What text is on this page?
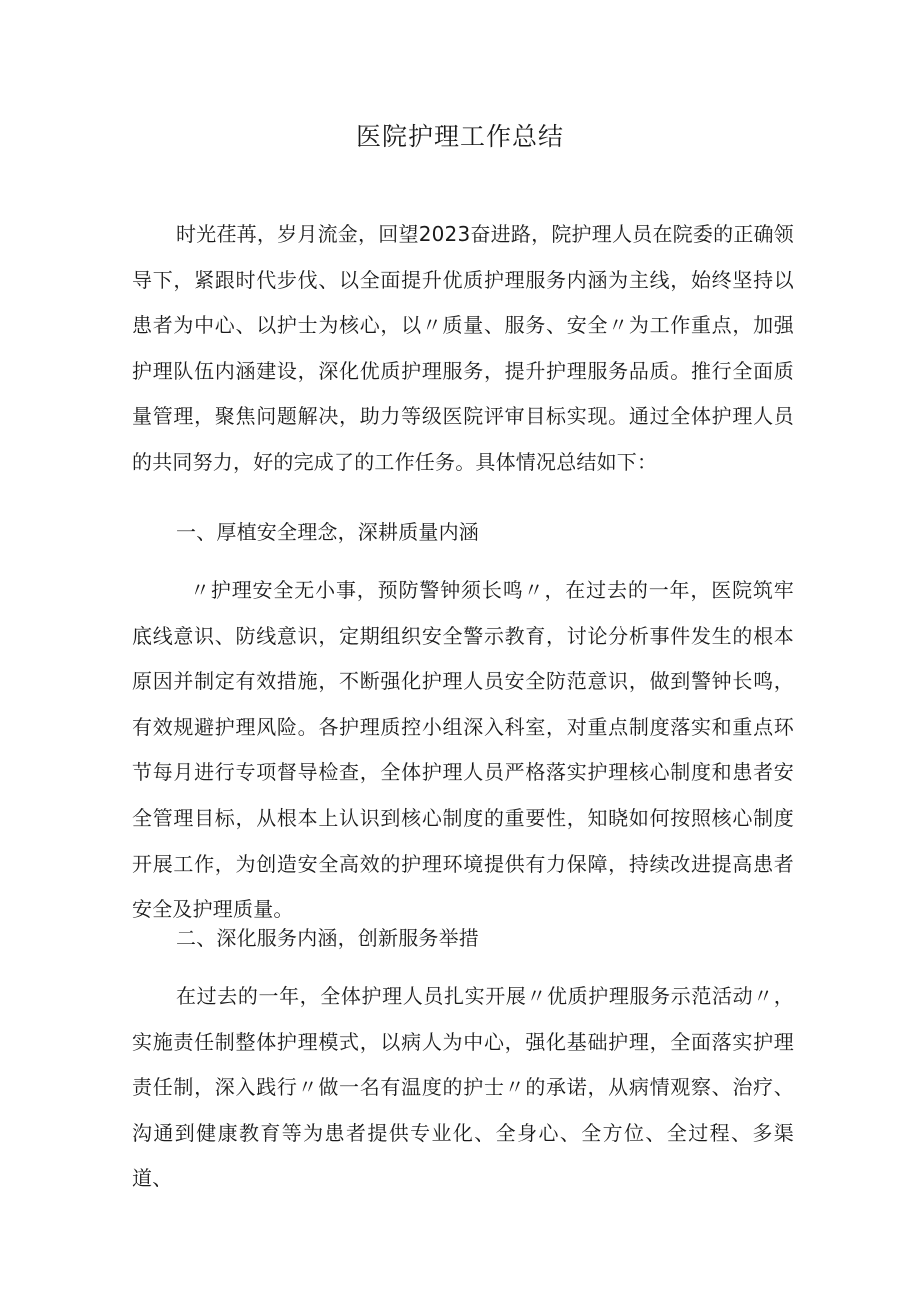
医院护理工作总结

时光荏苒，岁月流金，回望2023奋进路，院护理人员在院委的正确领导下，紧跟时代步伐、以全面提升优质护理服务内涵为主线，始终坚持以患者为中心、以护士为核心，以〃质量、服务、安全〃为工作重点，加强护理队伍内涵建设，深化优质护理服务，提升护理服务品质。推行全面质量管理，聚焦问题解决，助力等级医院评审目标实现。通过全体护理人员的共同努力，好的完成了的工作任务。具体情况总结如下：

一、厚植安全理念，深耕质量内涵

〃护理安全无小事，预防警钟须长鸣〃，在过去的一年，医院筑牢底线意识、防线意识，定期组织安全警示教育，讨论分析事件发生的根本原因并制定有效措施，不断强化护理人员安全防范意识，做到警钟长鸣，有效规避护理风险。各护理质控小组深入科室，对重点制度落实和重点环节每月进行专项督导检查，全体护理人员严格落实护理核心制度和患者安全管理目标，从根本上认识到核心制度的重要性，知晓如何按照核心制度开展工作，为创造安全高效的护理环境提供有力保障，持续改进提高患者安全及护理质量。

二、深化服务内涵，创新服务举措

在过去的一年，全体护理人员扎实开展〃优质护理服务示范活动〃，实施责任制整体护理模式，以病人为中心，强化基础护理，全面落实护理责任制，深入践行〃做一名有温度的护士〃的承诺，从病情观察、治疗、沟通到健康教育等为患者提供专业化、全身心、全方位、全过程、多渠道、
